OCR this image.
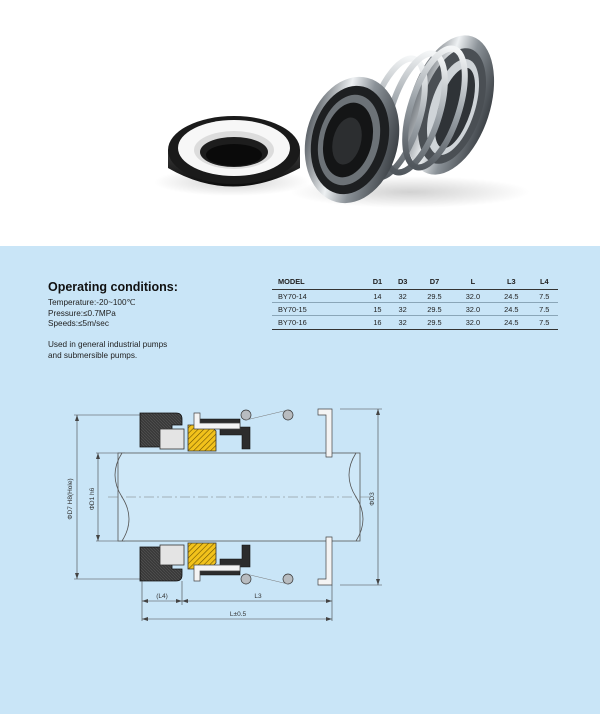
Operating conditions:
Temperature:-20~100℃
Pressure:≤0.7MPa
Speeds:≤5m/sec
Used in general industrial pumps
and submersible pumps.
MODEL	D1	D3	D7	L	L3	L4
BY70-14	14	32	29.5	32.0	24.5	7.5
BY70-15	15	32	29.5	32.0	24.5	7.5
BY70-16	16	32	29.5	32.0	24.5	7.5
ΦD7 H8(Hole) ΦD1 h6	ΦD3
(L4)	L3
L±0.5
